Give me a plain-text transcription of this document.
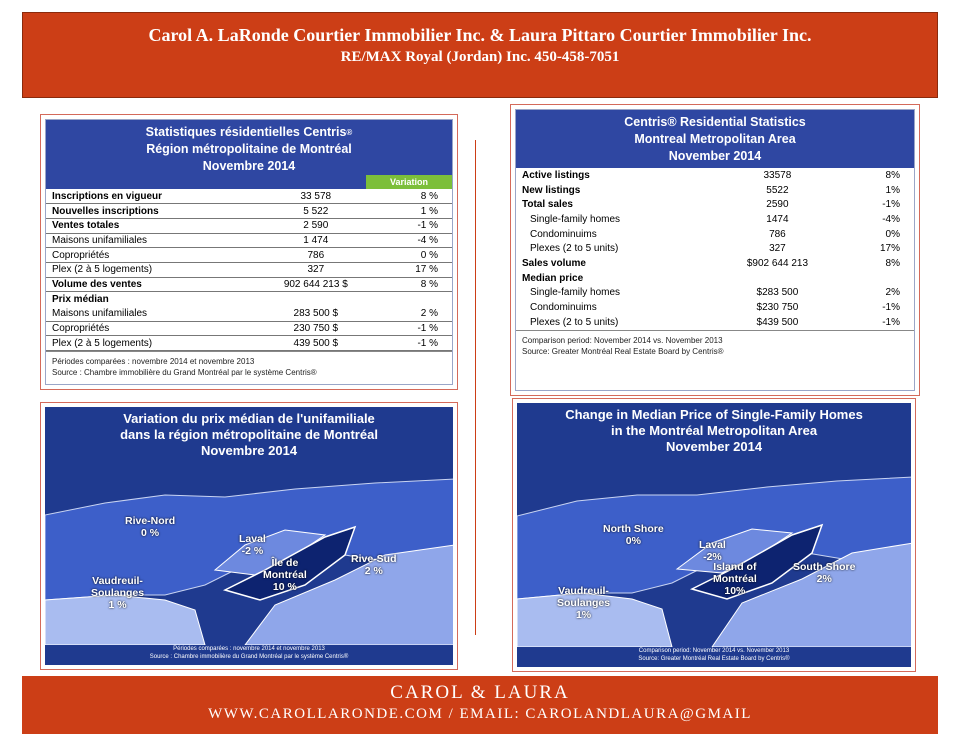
Carol A. LaRonde Courtier Immobilier Inc. & Laura Pittaro Courtier Immobilier Inc.
RE/MAX Royal (Jordan) Inc. 450-458-7051
Statistiques résidentielles Centris®
Région métropolitaine de Montréal
Novembre 2014
Variation
Inscriptions en vigueur	33 578	8 %
Nouvelles inscriptions	5 522	1 %
Ventes totales	2 590	-1 %
Maisons unifamiliales	1 474	-4 %
Copropriétés	786	0 %
Plex (2 à 5 logements)	327	17 %
Volume des ventes	902 644 213 $	8 %
Prix médian		
Maisons unifamiliales	283 500 $	2 %
Copropriétés	230 750 $	-1 %
Plex (2 à 5 logements)	439 500 $	-1 %
Périodes comparées : novembre 2014 et novembre 2013
Source : Chambre immobilière du Grand Montréal par le système Centris®
Centris® Residential Statistics
Montreal Metropolitan Area
November 2014
Active listings	33578	8%
New listings	5522	1%
Total sales	2590	-1%
Single-family homes	1474	-4%
Condominuims	786	0%
Plexes (2 to 5 units)	327	17%
Sales volume	$902 644 213	8%
Median price		
Single-family homes	$283 500	2%
Condominuims	$230 750	-1%
Plexes (2 to 5 units)	$439 500	-1%
Comparison period: November 2014 vs. November 2013
Source: Greater Montréal Real Estate Board by Centris®
Variation du prix médian de l'unifamiliale
dans la région métropolitaine de Montréal
Novembre 2014
Rive-Nord
0 %	Laval
-2 %
Île de
Montréal
10 %
Rive-Sud
2 %
Vaudreuil-
Soulanges
1 %
Périodes comparées : novembre 2014 et novembre 2013
Source : Chambre immobilière du Grand Montréal par le système Centris®
Change in Median Price of Single-Family Homes
in the Montréal Metropolitan Area
November 2014
North Shore
0%	Laval
-2%
Island of
Montréal
10%
South Shore
2%
Vaudreuil-
Soulanges
1%
Comparison period: November 2014 vs. November 2013
Source: Greater Montréal Real Estate Board by Centris®
CAROL & LAURA
WWW.CAROLLARONDE.COM / EMAIL: CAROLANDLAURA@GMAIL
